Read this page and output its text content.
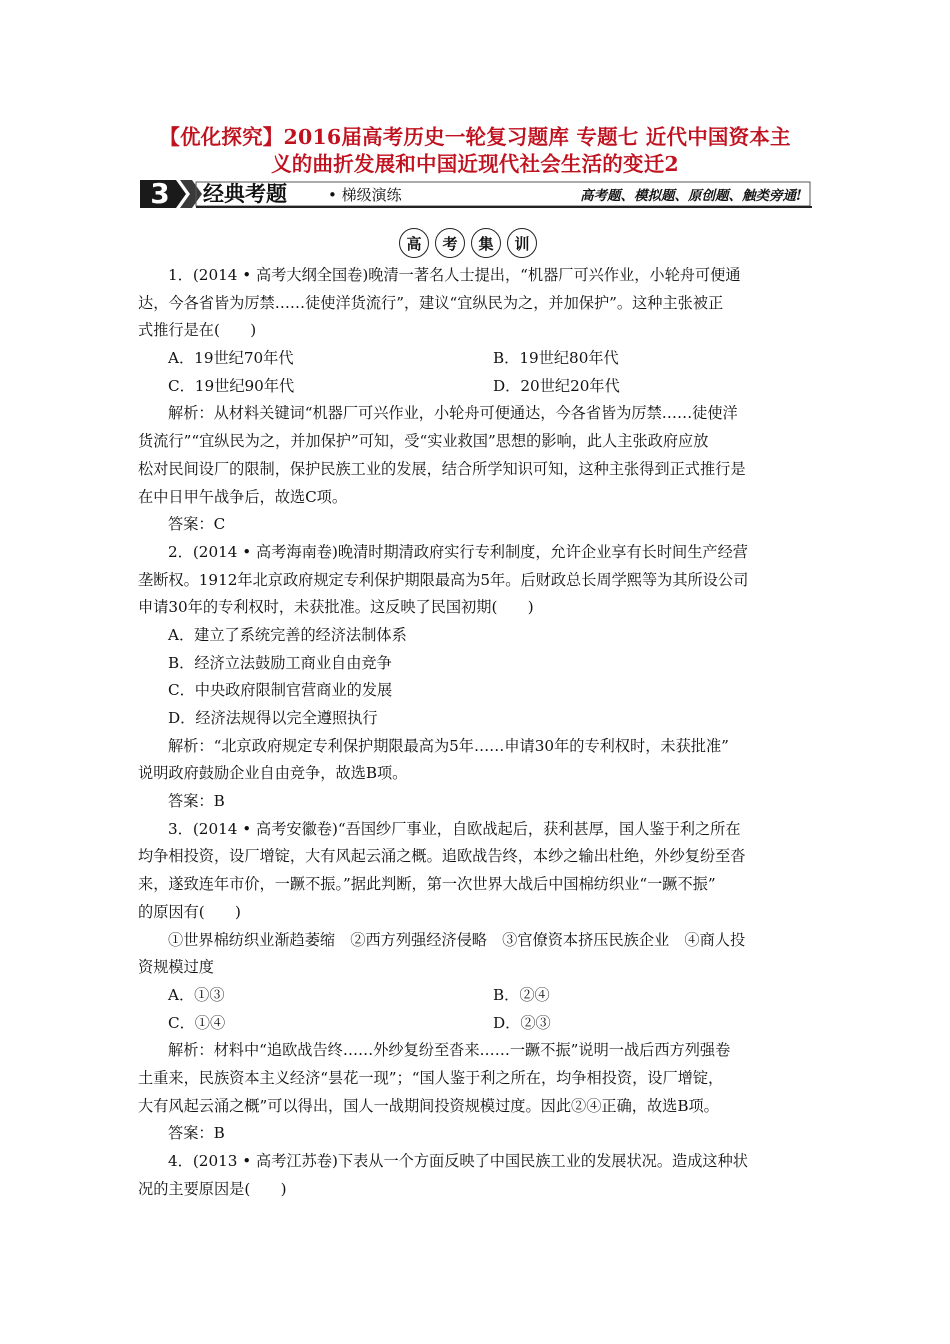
【优化探究】2016届高考历史一轮复习题库 专题七 近代中国资本主
义的曲折发展和中国近现代社会生活的变迁2
3 经典考题	• 梯级演练	高考题、模拟题、原创题、触类旁通!
高	考	集	训
1．(2014 • 高考大纲全国卷)晚清一著名人士提出，“机器厂可兴作业，小轮舟可便通
达，今各省皆为厉禁……徒使洋货流行”，建议“宜纵民为之，并加保护”。这种主张被正
式推行是在(　　)
A．19世纪70年代	B．19世纪80年代
C．19世纪90年代	D．20世纪20年代
解析：从材料关键词“机器厂可兴作业，小轮舟可便通达，今各省皆为厉禁……徒使洋
货流行”“宜纵民为之，并加保护”可知，受“实业救国”思想的影响，此人主张政府应放
松对民间设厂的限制，保护民族工业的发展，结合所学知识可知，这种主张得到正式推行是
在中日甲午战争后，故选C项。
答案：C
2．(2014 • 高考海南卷)晚清时期清政府实行专利制度，允许企业享有长时间生产经营
垄断权。1912年北京政府规定专利保护期限最高为5年。后财政总长周学熙等为其所设公司
申请30年的专利权时，未获批准。这反映了民国初期(　　)
A．建立了系统完善的经济法制体系
B．经济立法鼓励工商业自由竞争
C．中央政府限制官营商业的发展
D．经济法规得以完全遵照执行
解析：“北京政府规定专利保护期限最高为5年……申请30年的专利权时，未获批准”
说明政府鼓励企业自由竞争，故选B项。
答案：B
3．(2014 • 高考安徽卷)“吾国纱厂事业，自欧战起后，获利甚厚，国人鉴于利之所在
均争相投资，设厂增锭，大有风起云涌之概。追欧战告终，本纱之输出杜绝，外纱复纷至沓
来，遂致连年市价，一蹶不振。”据此判断，第一次世界大战后中国棉纺织业“一蹶不振”
的原因有(　　)
①世界棉纺织业渐趋萎缩　②西方列强经济侵略　③官僚资本挤压民族企业　④商人投
资规模过度
A．①③	B．②④
C．①④	D．②③
解析：材料中“追欧战告终……外纱复纷至沓来……一蹶不振”说明一战后西方列强卷
土重来，民族资本主义经济“昙花一现”；“国人鉴于利之所在，均争相投资，设厂增锭，
大有风起云涌之概”可以得出，国人一战期间投资规模过度。因此②④正确，故选B项。
答案：B
4．(2013 • 高考江苏卷)下表从一个方面反映了中国民族工业的发展状况。造成这种状
况的主要原因是(　　)
